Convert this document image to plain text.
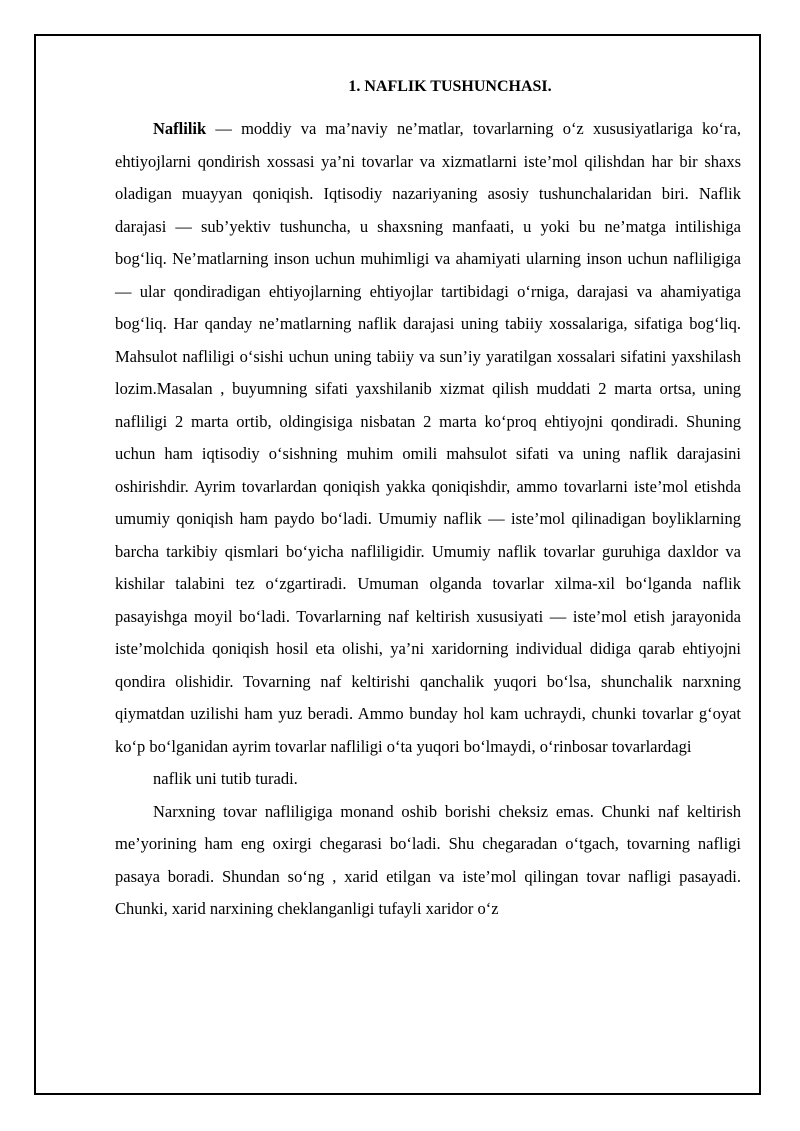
1. NAFLIK TUSHUNCHASI.

Naflilik — moddiy va ma’naviy ne’matlar, tovarlarning o‘z xususiyatlariga ko‘ra, ehtiyojlarni qondirish xossasi ya’ni tovarlar va xizmatlarni iste’mol qilishdan har bir shaxs oladigan muayyan qoniqish. Iqtisodiy nazariyaning asosiy tushunchalaridan biri. Naflik darajasi — sub’yektiv tushuncha, u shaxsning manfaati, u yoki bu ne’matga intilishiga bog‘liq. Ne’matlarning inson uchun muhimligi va ahamiyati ularning inson uchun nafliligiga — ular qondiradigan ehtiyojlarning ehtiyojlar tartibidagi o‘rniga, darajasi va ahamiyatiga bog‘liq. Har qanday ne’matlarning naflik darajasi uning tabiiy xossalariga, sifatiga bog‘liq. Mahsulot nafliligi o‘sishi uchun uning tabiiy va sun’iy yaratilgan xossalari sifatini yaxshilash lozim.Masalan , buyumning sifati yaxshilanib xizmat qilish muddati 2 marta ortsa, uning nafliligi 2 marta ortib, oldingisiga nisbatan 2 marta ko‘proq ehtiyojni qondiradi. Shuning uchun ham iqtisodiy o‘sishning muhim omili mahsulot sifati va uning naflik darajasini oshirishdir. Ayrim tovarlardan qoniqish yakka qoniqishdir, ammo tovarlarni iste’mol etishda umumiy qoniqish ham paydo bo‘ladi. Umumiy naflik — iste’mol qilinadigan boyliklarning barcha tarkibiy qismlari bo‘yicha nafliligidir. Umumiy naflik tovarlar guruhiga daxldor va kishilar talabini tez o‘zgartiradi. Umuman olganda tovarlar xilma-xil bo‘lganda naflik pasayishga moyil bo‘ladi. Tovarlarning naf keltirish xususiyati — iste’mol etish jarayonida iste’molchida qoniqish hosil eta olishi, ya’ni xaridorning individual didiga qarab ehtiyojni qondira olishidir. Tovarning naf keltirishi qanchalik yuqori bo‘lsa, shunchalik narxning qiymatdan uzilishi ham yuz beradi. Ammo bunday hol kam uchraydi, chunki tovarlar g‘oyat ko‘p bo‘lganidan ayrim tovarlar nafliligi o‘ta yuqori bo‘lmaydi, o‘rinbosar tovarlardagi

naflik uni tutib turadi.

Narxning tovar nafliligiga monand oshib borishi cheksiz emas. Chunki naf keltirish me’yorining ham eng oxirgi chegarasi bo‘ladi. Shu chegaradan o‘tgach, tovarning nafligi pasaya boradi. Shundan so‘ng , xarid etilgan va iste’mol qilingan tovar nafligi pasayadi. Chunki, xarid narxining cheklanganligi tufayli xaridor o‘z
